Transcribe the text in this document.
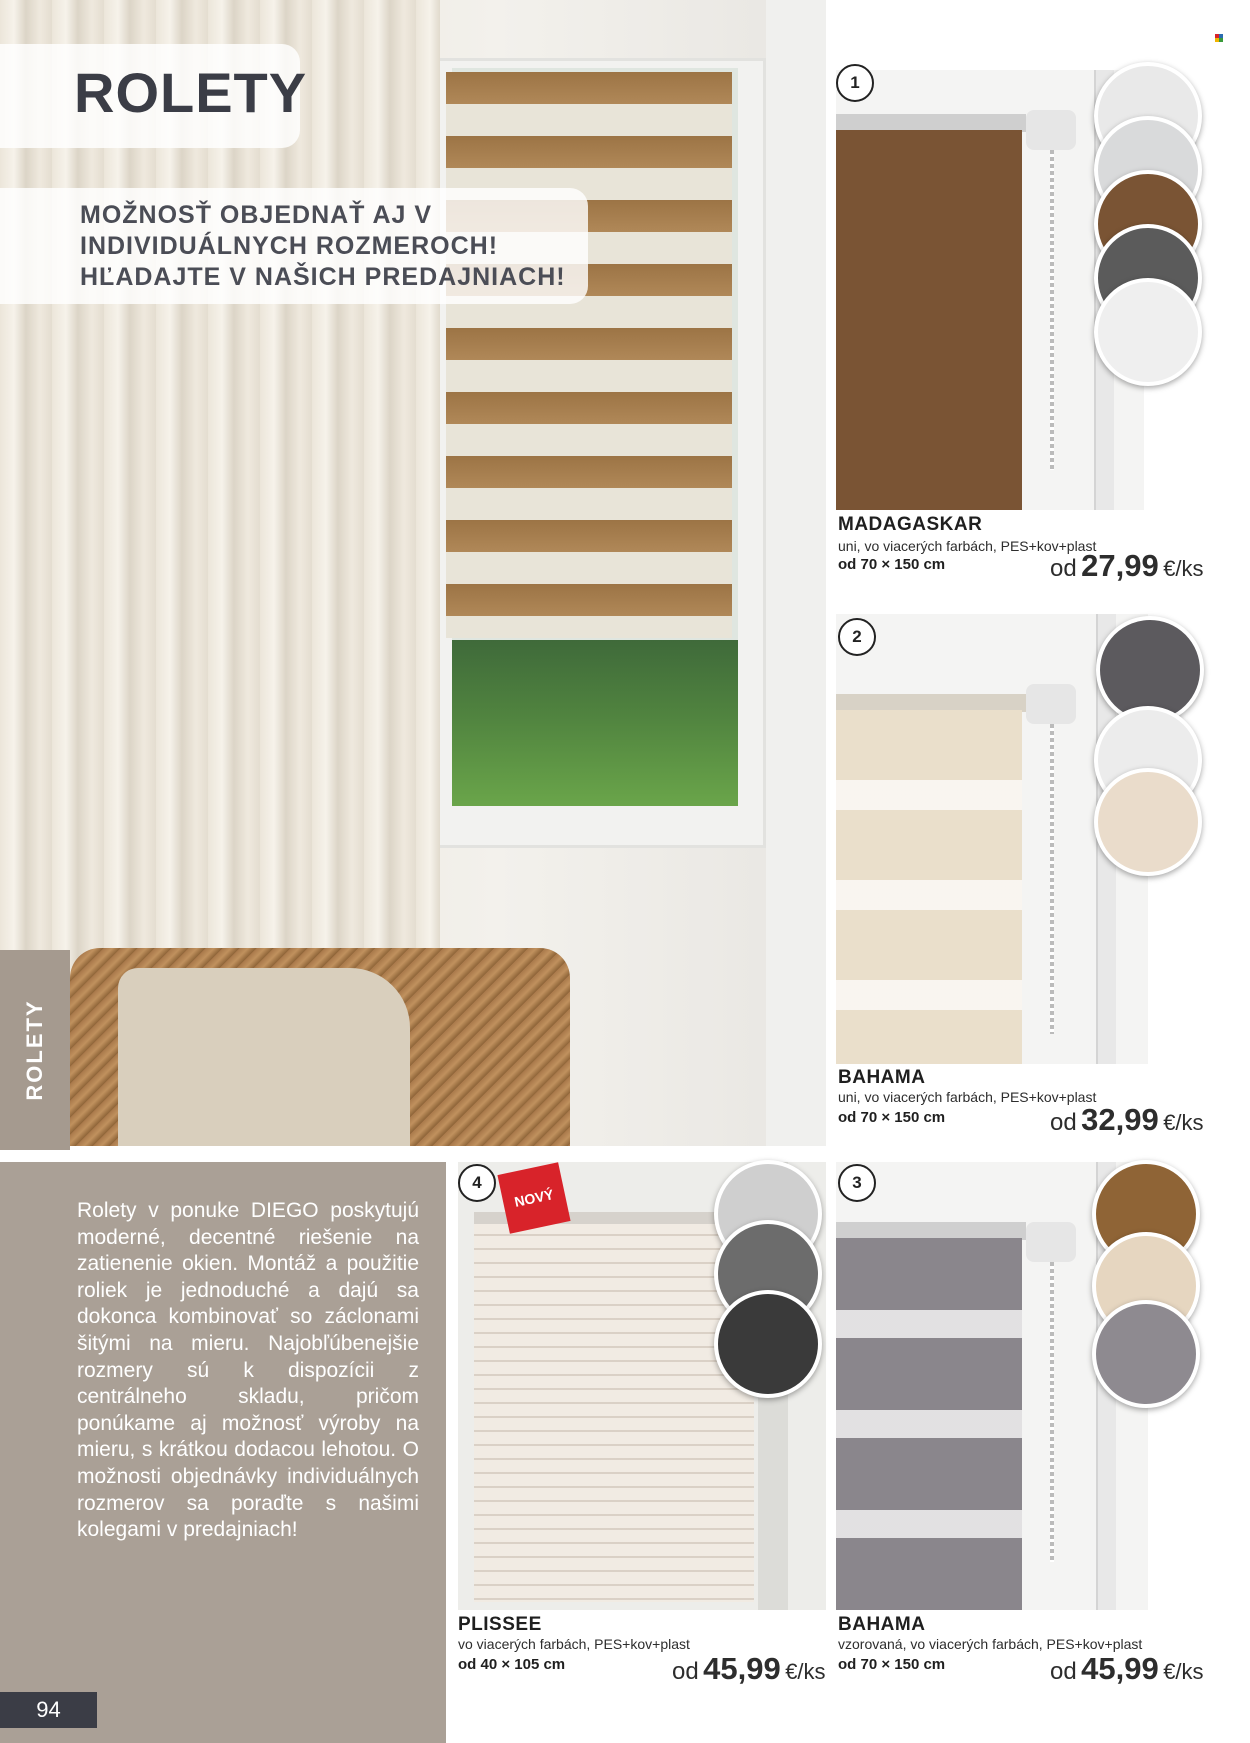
ROLETY
MOŽNOSŤ OBJEDNAŤ AJ V
INDIVIDUÁLNYCH ROZMEROCH!
HĽADAJTE V NAŠICH PREDAJNIACH!
ROLETY

Rolety v ponuke DIEGO poskytujú moderné, decentné riešenie na zatienenie okien. Montáž a použitie roliek je jednoduché a dajú sa dokonca kombinovať so záclonami šitými na mieru. Najobľúbenejšie rozmery sú k dispozícii z centrálneho skladu, pričom ponúkame aj možnosť výroby na mieru, s krátkou dodacou lehotou. O možnosti objednávky individuálnych rozmerov sa poraďte s našimi kolegami v predajniach!

94
1
MADAGASKAR
uni, vo viacerých farbách, PES+kov+plast
od 70 × 150 cm	od 27,99 €/ks
2
BAHAMA
uni, vo viacerých farbách, PES+kov+plast
od 70 × 150 cm	od 32,99 €/ks
NOVÝ
4
PLISSEE
vo viacerých farbách, PES+kov+plast
od 40 × 105 cm	od 45,99 €/ks
3
BAHAMA
vzorovaná, vo viacerých farbách, PES+kov+plast
od 70 × 150 cm	od 45,99 €/ks
